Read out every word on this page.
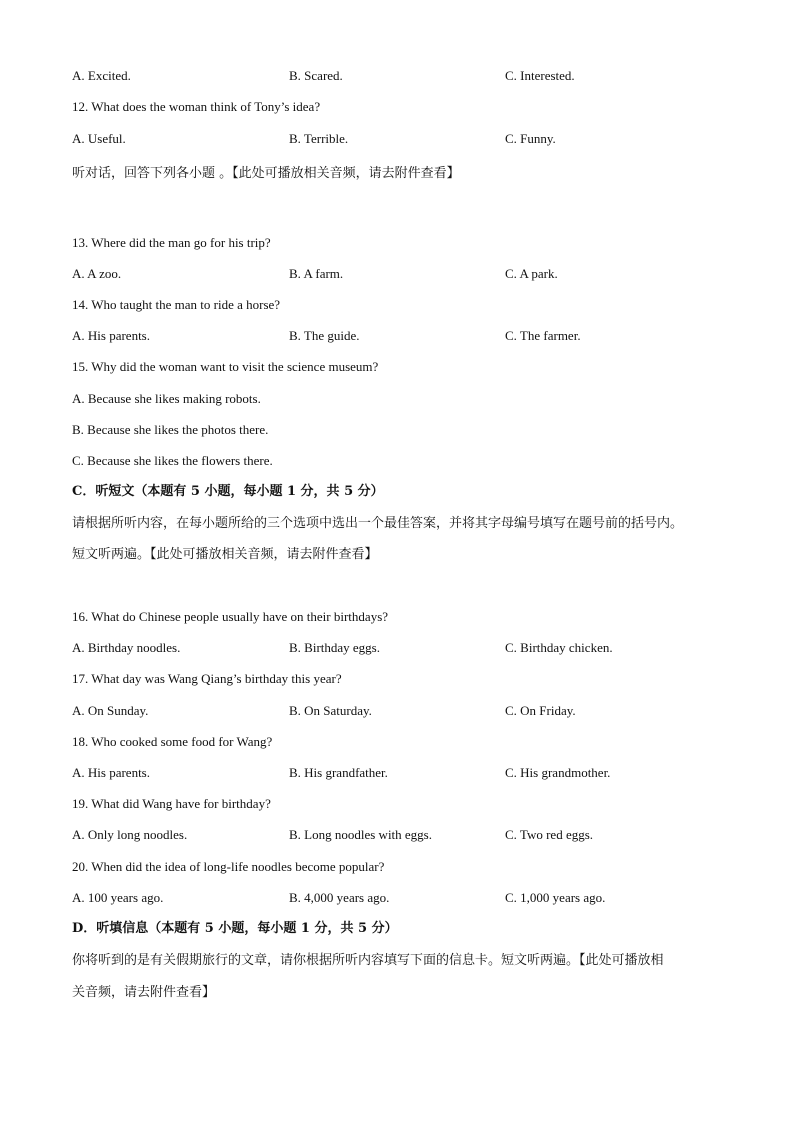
A. Excited.	B. Scared.	C. Interested.
12. What does the woman think of Tony’s idea?
A. Useful.	B. Terrible.	C. Funny.
听对话，回答下列各小题 。【此处可播放相关音频，请去附件查看】
13. Where did the man go for his trip?
A. A zoo.	B. A farm.	C. A park.
14. Who taught the man to ride a horse?
A. His parents.	B. The guide.	C. The farmer.
15. Why did the woman want to visit the science museum?
A. Because she likes making robots.
B. Because she likes the photos there.
C. Because she likes the flowers there.
C．听短文（本题有 5 小题，每小题 1 分，共 5 分）
请根据所听内容，在每小题所给的三个选项中选出一个最佳答案，并将其字母编号填写在题号前的括号内。
短文听两遍。【此处可播放相关音频，请去附件查看】
16. What do Chinese people usually have on their birthdays?
A. Birthday noodles.	B. Birthday eggs.	C. Birthday chicken.
17. What day was Wang Qiang’s birthday this year?
A. On Sunday.	B. On Saturday.	C. On Friday.
18. Who cooked some food for Wang?
A. His parents.	B. His grandfather.	C. His grandmother.
19. What did Wang have for birthday?
A. Only long noodles.	B. Long noodles with eggs.	C. Two red eggs.
20. When did the idea of long-life noodles become popular?
A. 100 years ago.	B. 4,000 years ago.	C. 1,000 years ago.
D．听填信息（本题有 5 小题，每小题 1 分，共 5 分）
你将听到的是有关假期旅行的文章，请你根据所听内容填写下面的信息卡。短文听两遍。【此处可播放相
关音频，请去附件查看】
